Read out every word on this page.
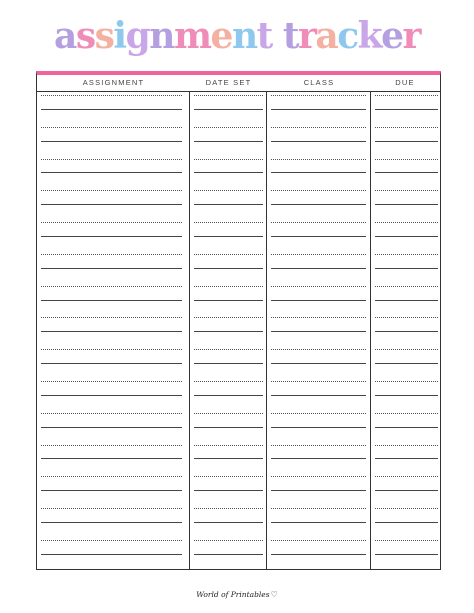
assignment tracker
ASSIGNMENT	DATE SET	CLASS	DUE
World of Printables♡
